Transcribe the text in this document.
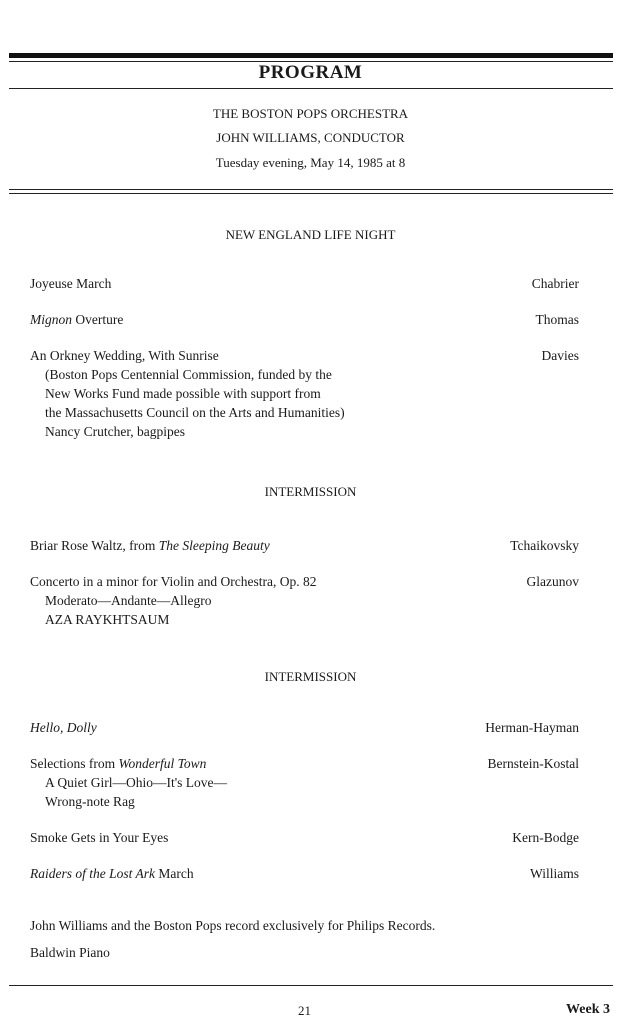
PROGRAM
THE BOSTON POPS ORCHESTRA
JOHN WILLIAMS, CONDUCTOR
Tuesday evening, May 14, 1985 at 8
NEW ENGLAND LIFE NIGHT
Joyeuse March	Chabrier
Mignon Overture	Thomas
An Orkney Wedding, With Sunrise	Davies
(Boston Pops Centennial Commission, funded by the
New Works Fund made possible with support from
the Massachusetts Council on the Arts and Humanities)
Nancy Crutcher, bagpipes
INTERMISSION
Briar Rose Waltz, from The Sleeping Beauty	Tchaikovsky
Concerto in a minor for Violin and Orchestra, Op. 82	Glazunov
Moderato—Andante—Allegro
AZA RAYKHTSAUM
INTERMISSION
Hello, Dolly	Herman-Hayman
Selections from Wonderful Town	Bernstein-Kostal
A Quiet Girl—Ohio—It's Love—
Wrong-note Rag
Smoke Gets in Your Eyes	Kern-Bodge
Raiders of the Lost Ark March	Williams
John Williams and the Boston Pops record exclusively for Philips Records.
Baldwin Piano
21	Week 3
